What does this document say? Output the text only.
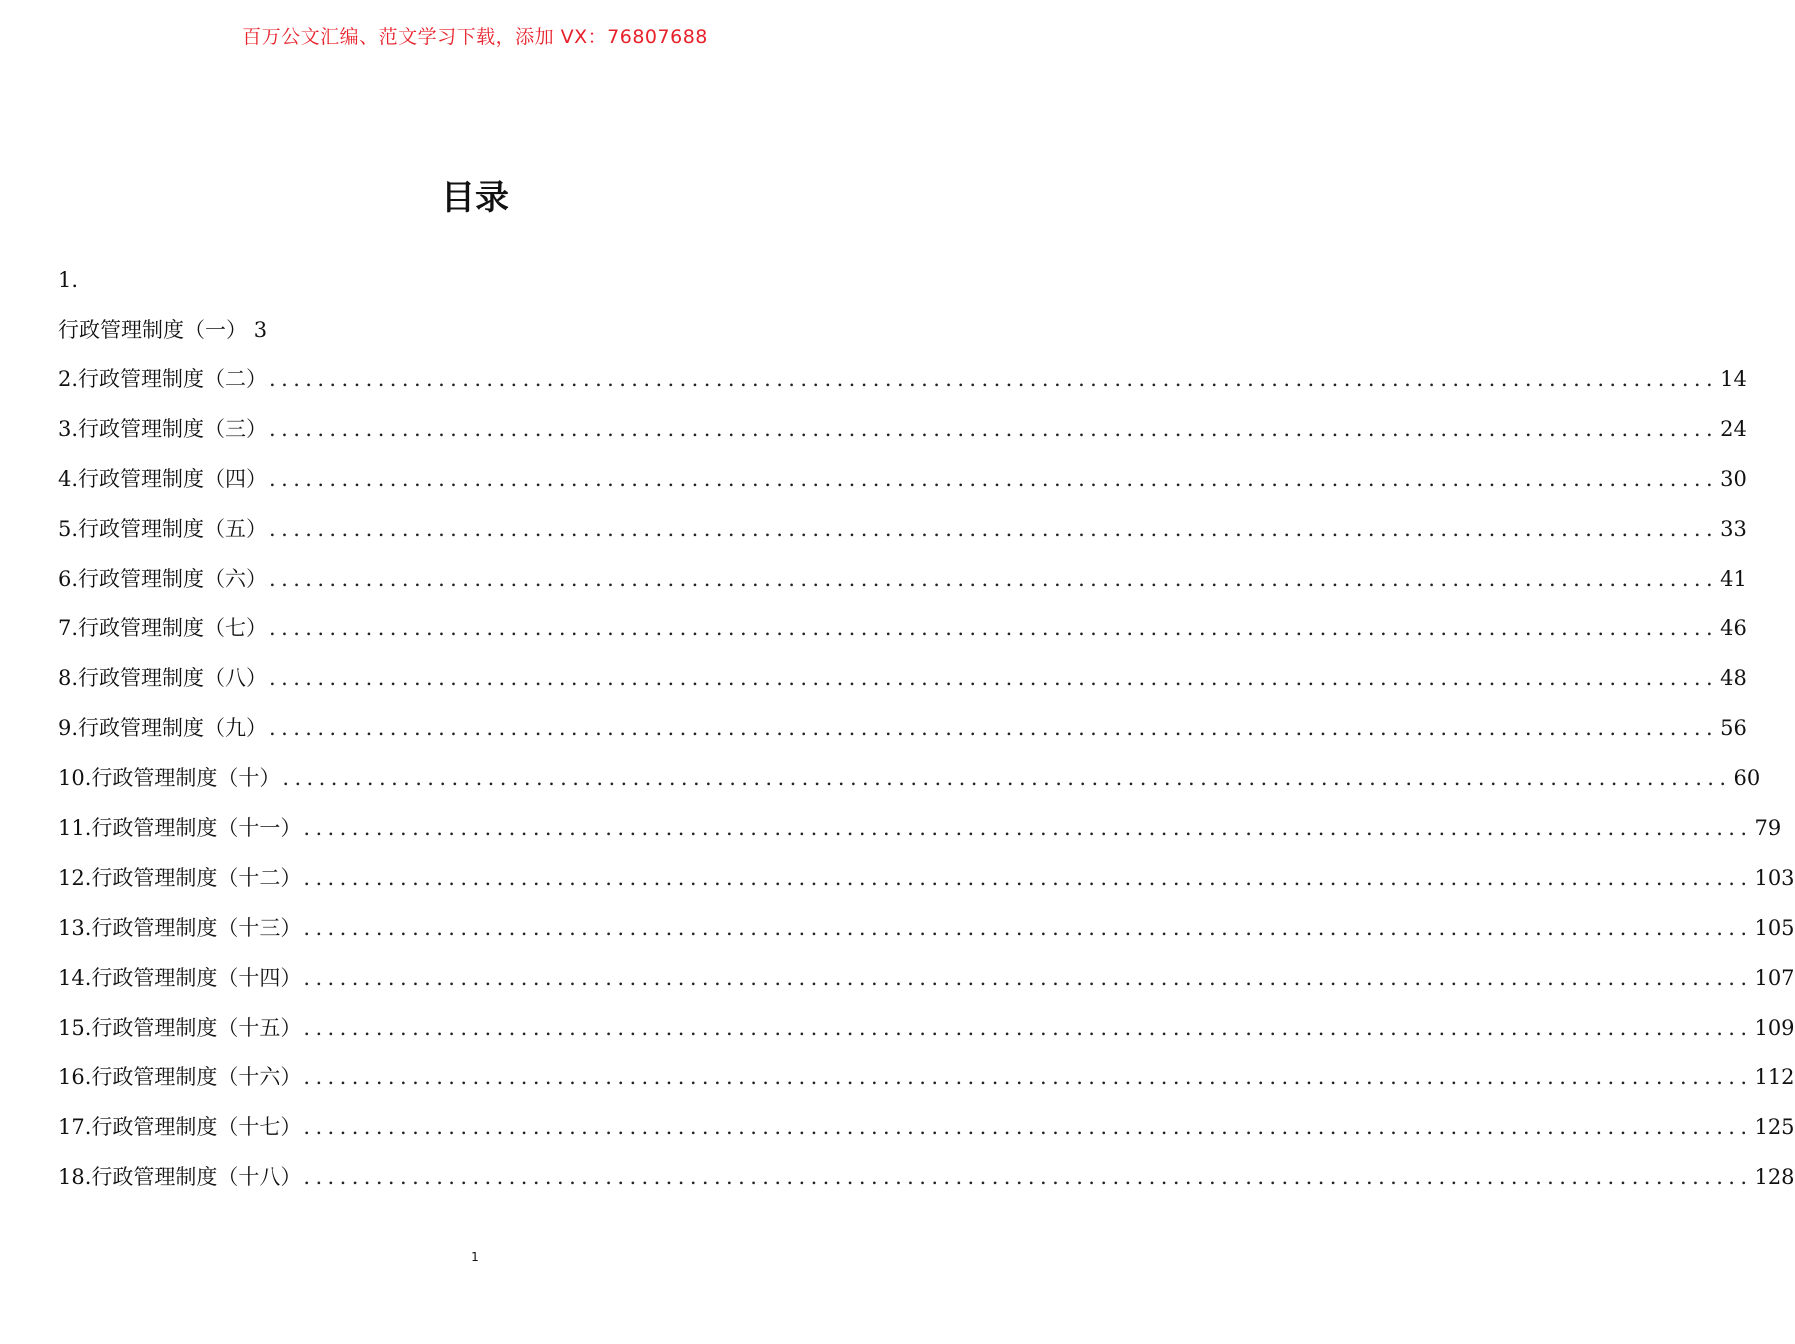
百万公文汇编、范文学习下载，添加 VX：76807688
目录
1.
行政管理制度（一） 3
2.行政管理制度（二） ........................................................................................................................ 14
3.行政管理制度（三） ........................................................................................................................ 24
4.行政管理制度（四） ........................................................................................................................ 30
5.行政管理制度（五） ........................................................................................................................ 33
6.行政管理制度（六） ........................................................................................................................ 41
7.行政管理制度（七） ........................................................................................................................ 46
8.行政管理制度（八） ........................................................................................................................ 48
9.行政管理制度（九） ........................................................................................................................ 56
10.行政管理制度（十） ........................................................................................................................ 60
11.行政管理制度（十一） ........................................................................................................................ 79
12.行政管理制度（十二） ........................................................................................................................ 103
13.行政管理制度（十三） ........................................................................................................................ 105
14.行政管理制度（十四） ........................................................................................................................ 107
15.行政管理制度（十五） ........................................................................................................................ 109
16.行政管理制度（十六） ........................................................................................................................ 112
17.行政管理制度（十七） ........................................................................................................................ 125
18.行政管理制度（十八） ........................................................................................................................ 128
1
